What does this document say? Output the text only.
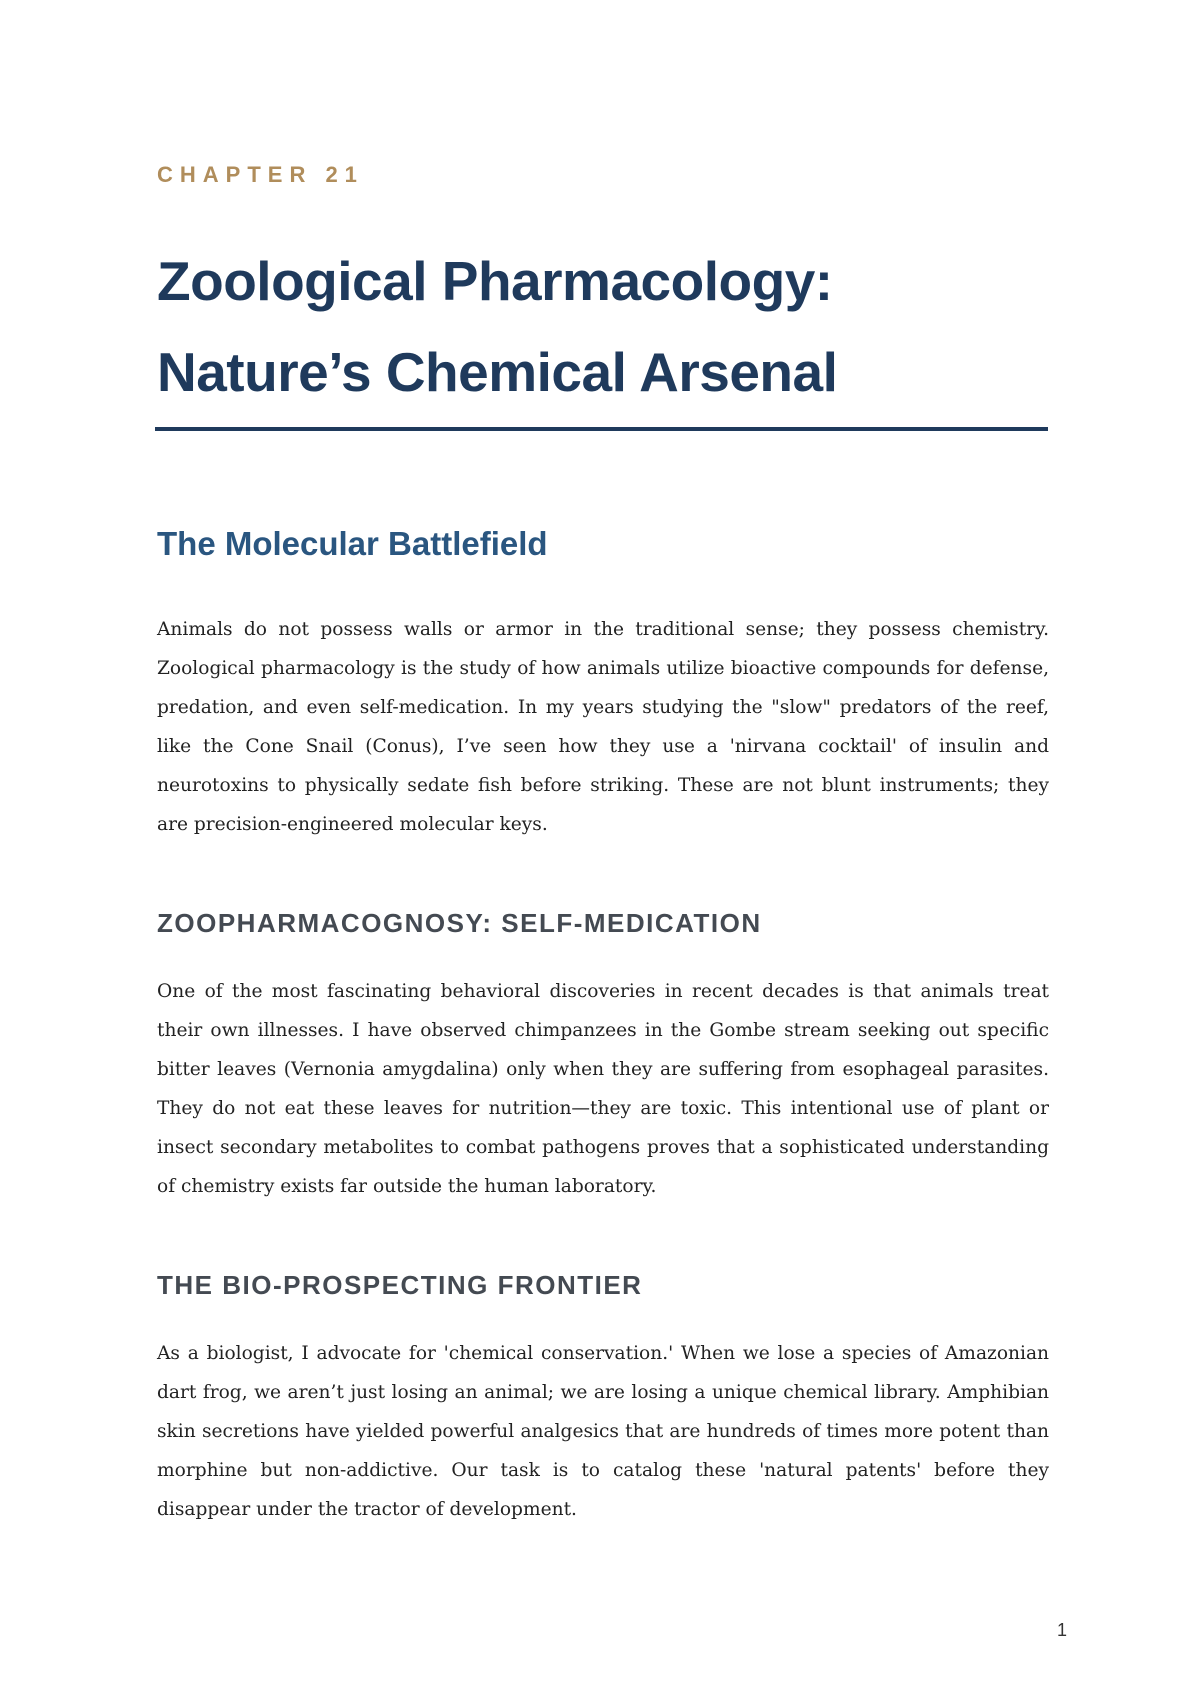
CHAPTER 21

Zoological Pharmacology:
Nature’s Chemical Arsenal
The Molecular Battlefield

Animals do not possess walls or armor in the traditional sense; they possess chemistry. Zoological pharmacology is the study of how animals utilize bioactive compounds for defense, predation, and even self-medication. In my years studying the "slow" predators of the reef, like the Cone Snail (Conus), I’ve seen how they use a 'nirvana cocktail' of insulin and neurotoxins to physically sedate fish before striking. These are not blunt instruments; they are precision-engineered molecular keys.

ZOOPHARMACOGNOSY: SELF-MEDICATION

One of the most fascinating behavioral discoveries in recent decades is that animals treat their own illnesses. I have observed chimpanzees in the Gombe stream seeking out specific bitter leaves (Vernonia amygdalina) only when they are suffering from esophageal parasites. They do not eat these leaves for nutrition—they are toxic. This intentional use of plant or insect secondary metabolites to combat pathogens proves that a sophisticated understanding of chemistry exists far outside the human laboratory.

THE BIO-PROSPECTING FRONTIER

As a biologist, I advocate for 'chemical conservation.' When we lose a species of Amazonian dart frog, we aren’t just losing an animal; we are losing a unique chemical library. Amphibian skin secretions have yielded powerful analgesics that are hundreds of times more potent than morphine but non-addictive. Our task is to catalog these 'natural patents' before they disappear under the tractor of development.

1
